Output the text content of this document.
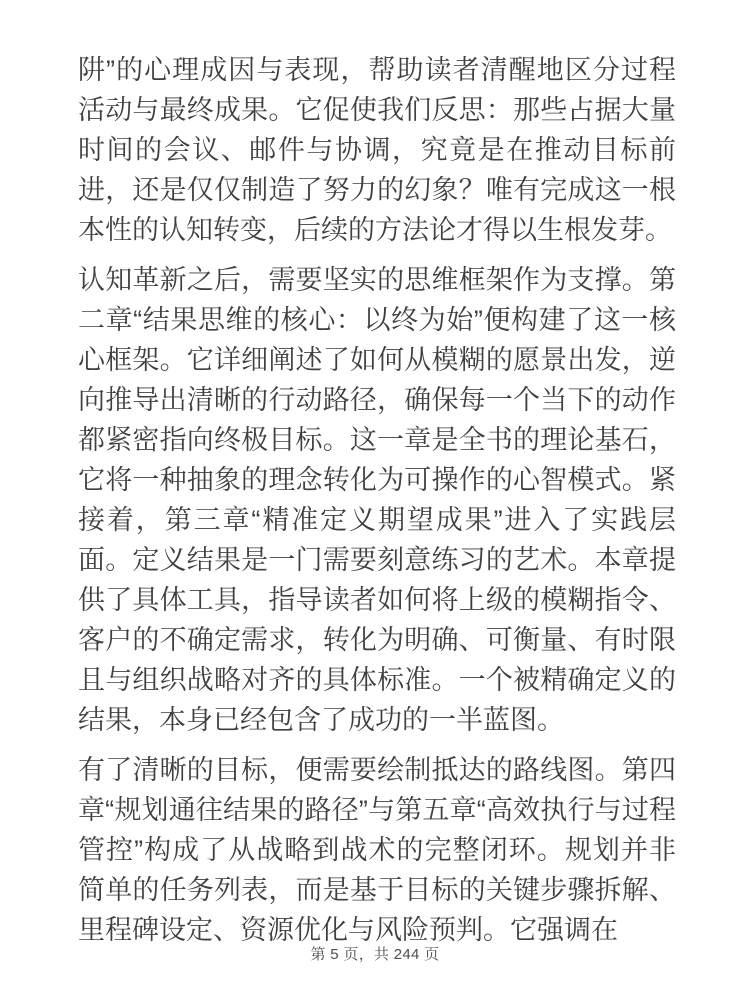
阱”的心理成因与表现，帮助读者清醒地区分过程活动与最终成果。它促使我们反思：那些占据大量时间的会议、邮件与协调，究竟是在推动目标前进，还是仅仅制造了努力的幻象？唯有完成这一根本性的认知转变，后续的方法论才得以生根发芽。

认知革新之后，需要坚实的思维框架作为支撑。第二章“结果思维的核心：以终为始”便构建了这一核心框架。它详细阐述了如何从模糊的愿景出发，逆向推导出清晰的行动路径，确保每一个当下的动作都紧密指向终极目标。这一章是全书的理论基石，它将一种抽象的理念转化为可操作的心智模式。紧接着，第三章“精准定义期望成果”进入了实践层面。定义结果是一门需要刻意练习的艺术。本章提供了具体工具，指导读者如何将上级的模糊指令、客户的不确定需求，转化为明确、可衡量、有时限且与组织战略对齐的具体标准。一个被精确定义的结果，本身已经包含了成功的一半蓝图。

有了清晰的目标，便需要绘制抵达的路线图。第四章“规划通往结果的路径”与第五章“高效执行与过程管控”构成了从战略到战术的完整闭环。规划并非简单的任务列表，而是基于目标的关键步骤拆解、里程碑设定、资源优化与风险预判。它强调在

第 5 页，共 244 页
